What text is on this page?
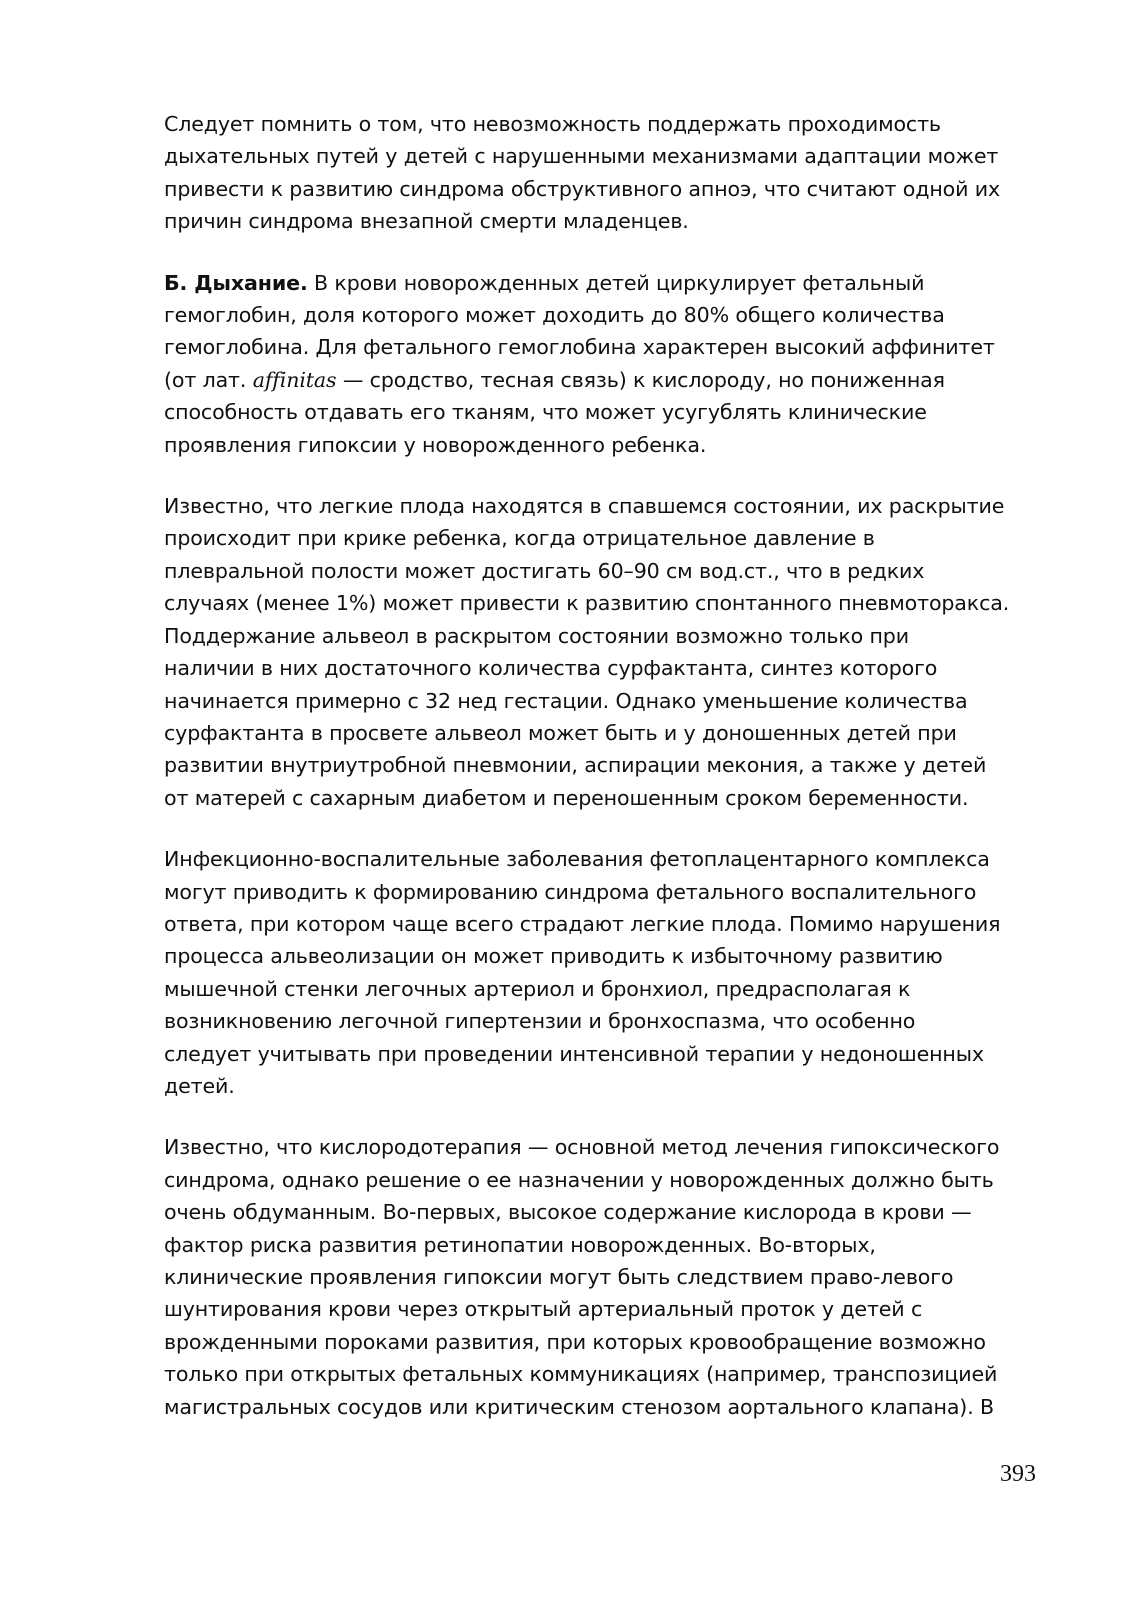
Следует помнить о том, что невозможность поддержать проходимость
дыхательных путей у детей с нарушенными механизмами адаптации может
привести к развитию синдрома обструктивного апноэ, что считают одной их
причин синдрома внезапной смерти младенцев.

Б. Дыхание. В крови новорожденных детей циркулирует фетальный
гемоглобин, доля которого может доходить до 80% общего количества
гемоглобина. Для фетального гемоглобина характерен высокий аффинитет
(от лат. affinitas — сродство, тесная связь) к кислороду, но пониженная
способность отдавать его тканям, что может усугублять клинические
проявления гипоксии у новорожденного ребенка.

Известно, что легкие плода находятся в спавшемся состоянии, их раскрытие
происходит при крике ребенка, когда отрицательное давление в
плевральной полости может достигать 60–90 см вод.ст., что в редких
случаях (менее 1%) может привести к развитию спонтанного пневмоторакса.
Поддержание альвеол в раскрытом состоянии возможно только при
наличии в них достаточного количества сурфактанта, синтез которого
начинается примерно с 32 нед гестации. Однако уменьшение количества
сурфактанта в просвете альвеол может быть и у доношенных детей при
развитии внутриутробной пневмонии, аспирации мекония, а также у детей
от матерей с сахарным диабетом и переношенным сроком беременности.

Инфекционно-воспалительные заболевания фетоплацентарного комплекса
могут приводить к формированию синдрома фетального воспалительного
ответа, при котором чаще всего страдают легкие плода. Помимо нарушения
процесса альвеолизации он может приводить к избыточному развитию
мышечной стенки легочных артериол и бронхиол, предрасполагая к
возникновению легочной гипертензии и бронхоспазма, что особенно
следует учитывать при проведении интенсивной терапии у недоношенных
детей.

Известно, что кислородотерапия — основной метод лечения гипоксического
синдрома, однако решение о ее назначении у новорожденных должно быть
очень обдуманным. Во-первых, высокое содержание кислорода в крови —
фактор риска развития ретинопатии новорожденных. Во-вторых,
клинические проявления гипоксии могут быть следствием право-левого
шунтирования крови через открытый артериальный проток у детей с
врожденными пороками развития, при которых кровообращение возможно
только при открытых фетальных коммуникациях (например, транспозицией
магистральных сосудов или критическим стенозом аортального клапана). В

393
